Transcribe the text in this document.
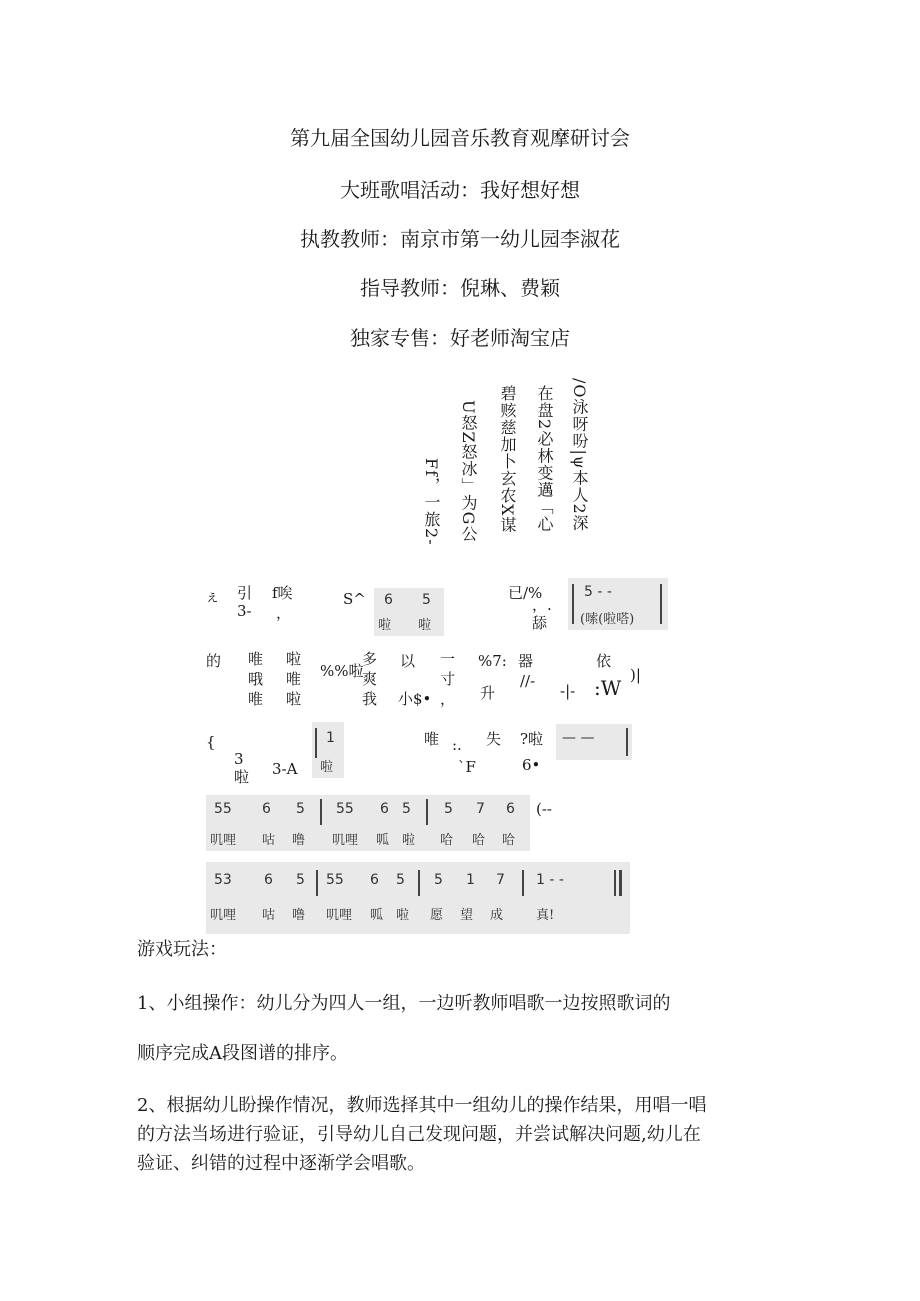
第九届全国幼儿园音乐教育观摩研讨会
大班歌唱活动：我好想好想
执教教师：南京市第一幼儿园李淑花
指导教师：倪琳、费颖
独家专售：好老师淘宝店
/O泳呀吩|ψ本人2深
在盘2必林变邁「心
碧赅慈加卜玄农X谋
U怒Z怒冰」为G公
Ff，一旅2-
ぇ 引
3-
f唉
，
S^	已/%
，.
舔
5 - -
(嗦(啦嗒)
6 5
啦 啦
的 唯
哦
唯
啦
唯
啦
%%啦
多
爽
我
以
小$•
一
寸
，
%7:
升
器
//-
依
:W
-|-
)|
{
3
啦 3-A
唯 :.
`F
失 ?啦
6•
(--
1
啦
— —
55 6 5 55 6 5 5 7 6
叽哩 咕 噜 叽哩 呱 啦 哈 哈 哈
53 6 5 55 6 5 5 1 7 1 - -
叽哩 咕 噜 叽哩 呱 啦 愿 望 成	真!
游戏玩法：
1、小组操作：幼儿分为四人一组，一边听教师唱歌一边按照歌词的
顺序完成A段图谱的排序。
2、根据幼儿盼操作情况，教师选择其中一组幼儿的操作结果，用唱一唱
的方法当场进行验证，引导幼儿自己发现问题，并尝试解决问题,幼儿在
验证、纠错的过程中逐渐学会唱歌。
